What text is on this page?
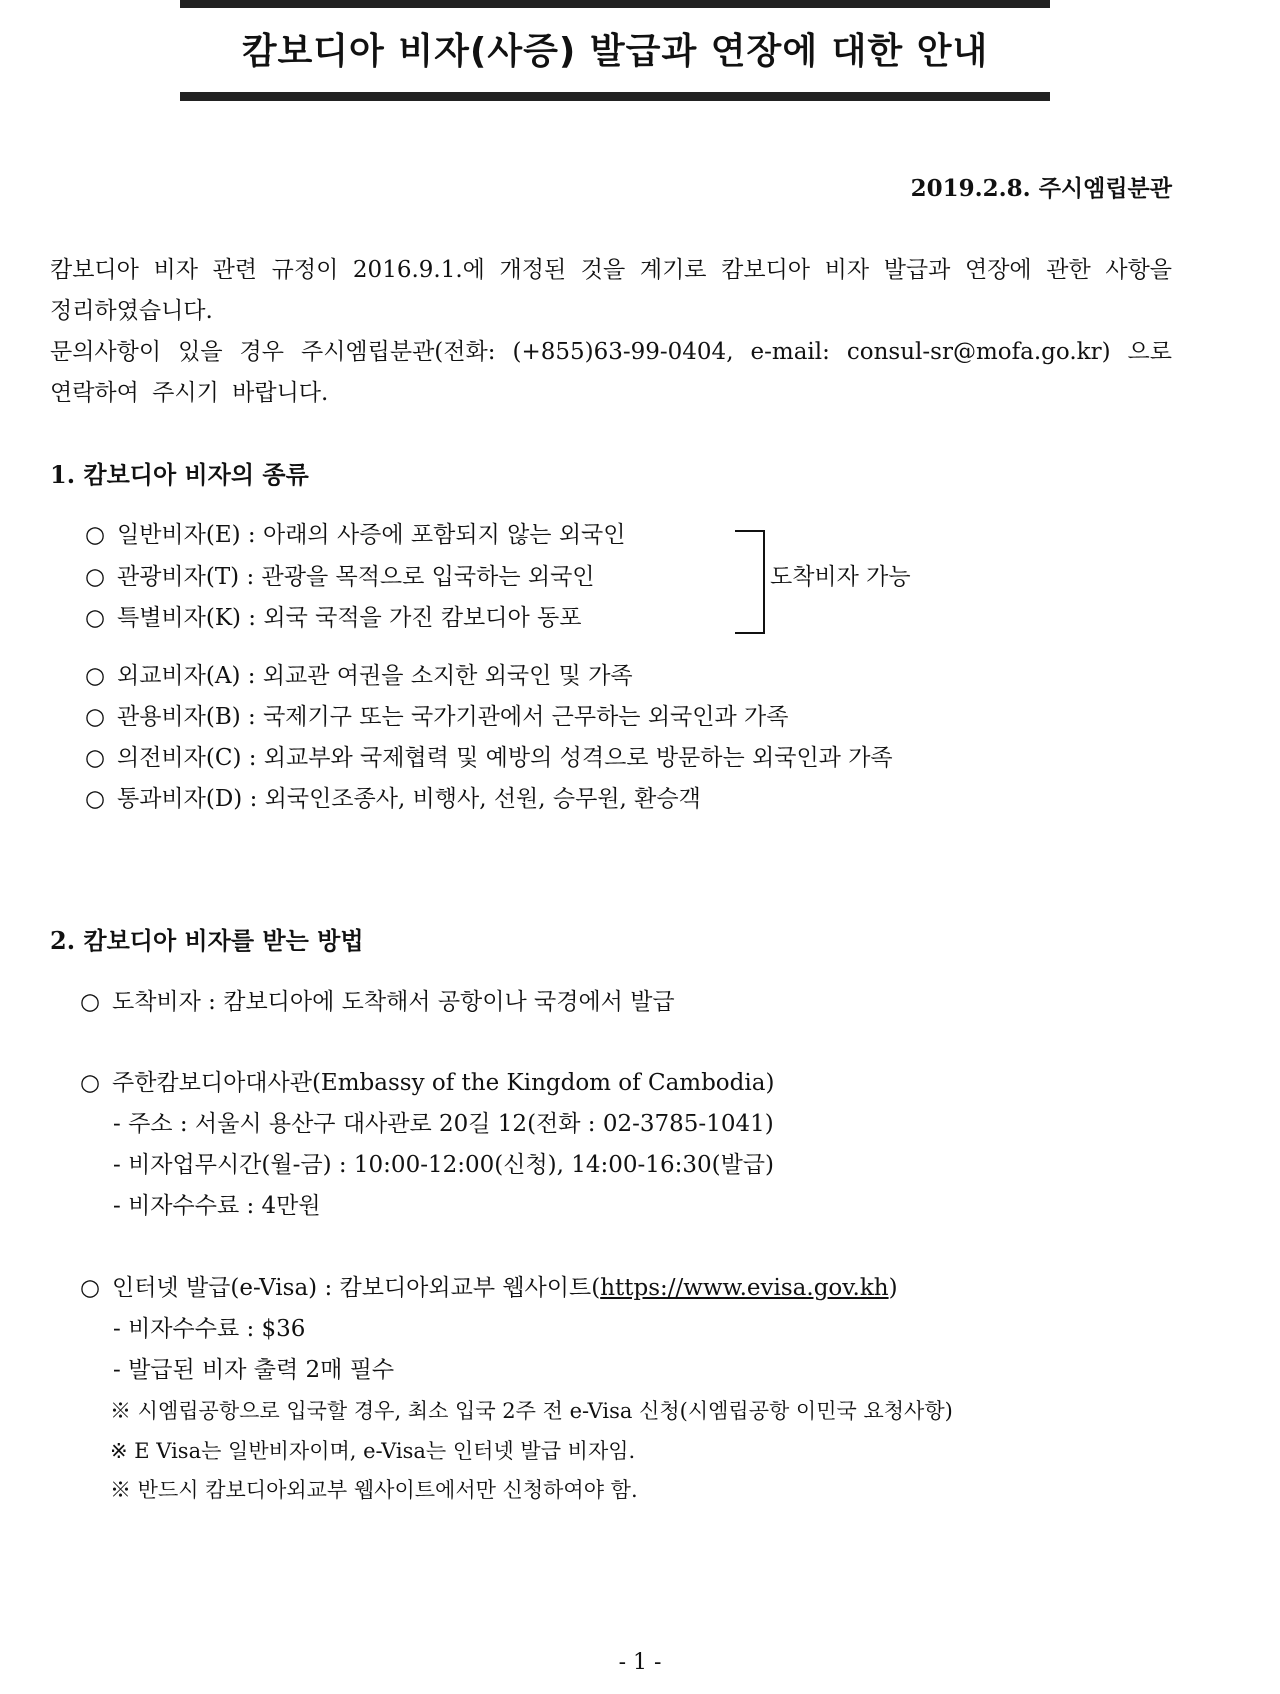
캄보디아 비자(사증) 발급과 연장에 대한 안내
2019.2.8. 주시엠립분관

캄보디아 비자 관련 규정이 2016.9.1.에 개정된 것을 계기로 캄보디아 비자 발급과 연장에 관한 사항을 정리하였습니다.

문의사항이 있을 경우 주시엠립분관(전화: (+855)63-99-0404, e-mail: consul-sr@mofa.go.kr) 으로 연락하여 주시기 바랍니다.

1. 캄보디아 비자의 종류
○ 일반비자(E) : 아래의 사증에 포함되지 않는 외국인
○ 관광비자(T) : 관광을 목적으로 입국하는 외국인
○ 특별비자(K) : 외국 국적을 가진 캄보디아 동포
도착비자 가능
○ 외교비자(A) : 외교관 여권을 소지한 외국인 및 가족
○ 관용비자(B) : 국제기구 또는 국가기관에서 근무하는 외국인과 가족
○ 의전비자(C) : 외교부와 국제협력 및 예방의 성격으로 방문하는 외국인과 가족
○ 통과비자(D) : 외국인조종사, 비행사, 선원, 승무원, 환승객
2. 캄보디아 비자를 받는 방법
○ 도착비자 : 캄보디아에 도착해서 공항이나 국경에서 발급
○ 주한캄보디아대사관(Embassy of the Kingdom of Cambodia)
- 주소 : 서울시 용산구 대사관로 20길 12(전화 : 02-3785-1041)
- 비자업무시간(월-금) : 10:00-12:00(신청), 14:00-16:30(발급)
- 비자수수료 : 4만원
○ 인터넷 발급(e-Visa) : 캄보디아외교부 웹사이트(https://www.evisa.gov.kh)
- 비자수수료 : $36
- 발급된 비자 출력 2매 필수
※ 시엠립공항으로 입국할 경우, 최소 입국 2주 전 e-Visa 신청(시엠립공항 이민국 요청사항)
※ E Visa는 일반비자이며, e-Visa는 인터넷 발급 비자임.
※ 반드시 캄보디아외교부 웹사이트에서만 신청하여야 함.
- 1 -
